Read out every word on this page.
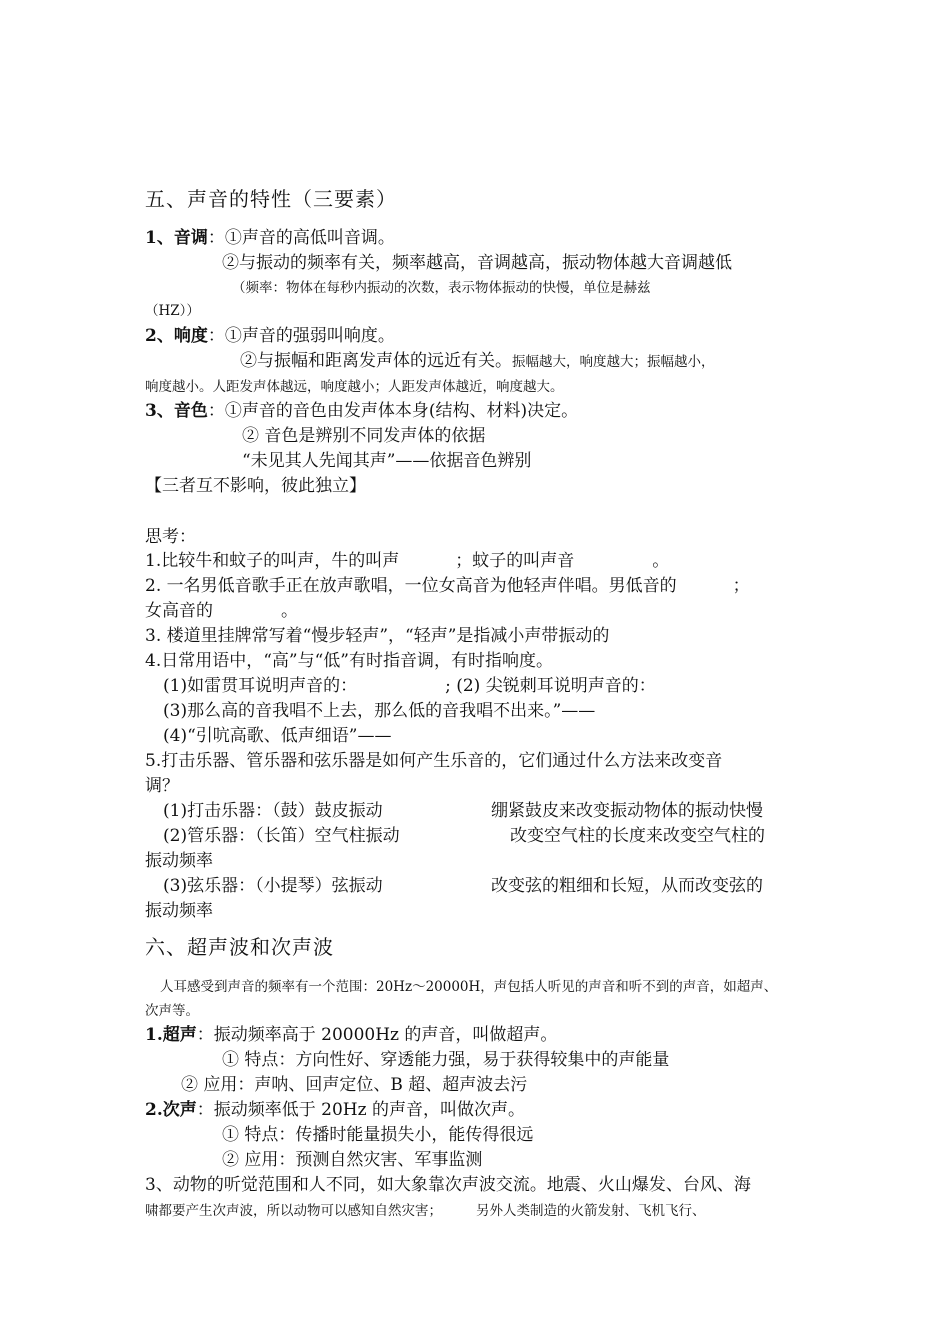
五、声音的特性（三要素）
1、音调：①声音的高低叫音调。
②与振动的频率有关，频率越高，音调越高，振动物体越大音调越低
（频率：物体在每秒内振动的次数，表示物体振动的快慢，单位是赫兹
（HZ））
2、响度：①声音的强弱叫响度。
②与振幅和距离发声体的远近有关。振幅越大，响度越大；振幅越小，
响度越小。人距发声体越远，响度越小；人距发声体越近，响度越大。
3、音色：①声音的音色由发声体本身(结构、材料)决定。
② 音色是辨别不同发声体的依据
“未见其人先闻其声”——依据音色辨别
【三者互不影响，彼此独立】
思考：
1.比较牛和蚊子的叫声，牛的叫声	；蚊子的叫声音	。
2. 一名男低音歌手正在放声歌唱，一位女高音为他轻声伴唱。男低音的	；
女高音的	。
3. 楼道里挂牌常写着“慢步轻声”，“轻声”是指减小声带振动的
4.日常用语中，“高”与“低”有时指音调，有时指响度。
(1)如雷贯耳说明声音的：	; (2) 尖锐刺耳说明声音的：
(3)那么高的音我唱不上去，那么低的音我唱不出来。”——
(4)“引吭高歌、低声细语”——
5.打击乐器、管乐器和弦乐器是如何产生乐音的，它们通过什么方法来改变音
调？
(1)打击乐器：（鼓）鼓皮振动	绷紧鼓皮来改变振动物体的振动快慢
(2)管乐器：（长笛）空气柱振动	改变空气柱的长度来改变空气柱的
振动频率
(3)弦乐器：（小提琴）弦振动	改变弦的粗细和长短，从而改变弦的
振动频率
六、超声波和次声波
人耳感受到声音的频率有一个范围：20Hz～20000H，声包括人听见的声音和听不到的声音，如超声、
次声等。
1.超声：振动频率高于 20000Hz 的声音，叫做超声。
① 特点：方向性好、穿透能力强，易于获得较集中的声能量
② 应用：声呐、回声定位、B 超、超声波去污
2.次声：振动频率低于 20Hz 的声音，叫做次声。
① 特点：传播时能量损失小，能传得很远
② 应用：预测自然灾害、军事监测
3、动物的听觉范围和人不同，如大象靠次声波交流。地震、火山爆发、台风、海
啸都要产生次声波，所以动物可以感知自然灾害；	另外人类制造的火箭发射、飞机飞行、
